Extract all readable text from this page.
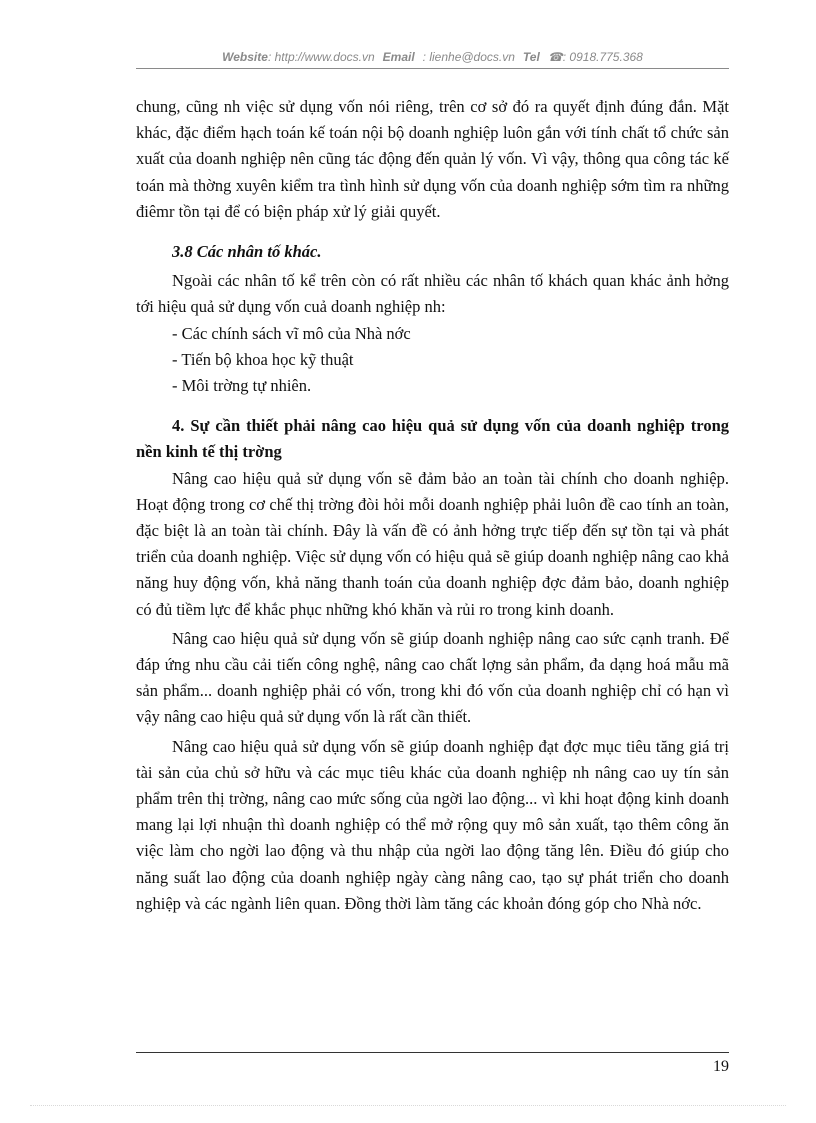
Website: http://www.docs.vn Email : lienhe@docs.vn Tel ☎: 0918.775.368

chung, cũng nh việc sử dụng vốn nói riêng, trên cơ sở đó ra quyết định đúng đắn. Mặt khác, đặc điểm hạch toán kế toán nội bộ doanh nghiệp luôn gắn với tính chất tổ chức sản xuất của doanh nghiệp nên cũng tác động đến quản lý vốn. Vì vậy, thông qua công tác kế toán mà thờng xuyên kiểm tra tình hình sử dụng vốn của doanh nghiệp sớm tìm ra những điêmr tồn tại để có biện pháp xử lý giải quyết.

3.8 Các nhân tố khác.

Ngoài các nhân tố kể trên còn có rất nhiều các nhân tố khách quan khác ảnh hởng tới hiệu quả sử dụng vốn cuả doanh nghiệp nh:

- Các chính sách vĩ mô của Nhà nớc

- Tiến bộ khoa học kỹ thuật

- Môi trờng tự nhiên.

4. Sự cần thiết phải nâng cao hiệu quả sử dụng vốn của doanh nghiệp trong nền kinh tế thị trờng

Nâng cao hiệu quả sử dụng vốn sẽ đảm bảo an toàn tài chính cho doanh nghiệp. Hoạt động trong cơ chế thị trờng đòi hỏi mỗi doanh nghiệp phải luôn đề cao tính an toàn, đặc biệt là an toàn tài chính. Đây là vấn đề có ảnh hởng trực tiếp đến sự tồn tại và phát triển của doanh nghiệp. Việc sử dụng vốn có hiệu quả sẽ giúp doanh nghiệp nâng cao khả năng huy động vốn, khả năng thanh toán của doanh nghiệp đợc đảm bảo, doanh nghiệp có đủ tiềm lực để khắc phục những khó khăn và rủi ro trong kinh doanh.

Nâng cao hiệu quả sử dụng vốn sẽ giúp doanh nghiệp nâng cao sức cạnh tranh. Để đáp ứng nhu cầu cải tiến công nghệ, nâng cao chất lợng sản phẩm, đa dạng hoá mẫu mã sản phẩm... doanh nghiệp phải có vốn, trong khi đó vốn của doanh nghiệp chỉ có hạn vì vậy nâng cao hiệu quả sử dụng vốn là rất cần thiết.

Nâng cao hiệu quả sử dụng vốn sẽ giúp doanh nghiệp đạt đợc mục tiêu tăng giá trị tài sản của chủ sở hữu và các mục tiêu khác của doanh nghiệp nh nâng cao uy tín sản phẩm trên thị trờng, nâng cao mức sống của ngời lao động... vì khi hoạt động kinh doanh mang lại lợi nhuận thì doanh nghiệp có thể mở rộng quy mô sản xuất, tạo thêm công ăn việc làm cho ngời lao động và thu nhập của ngời lao động tăng lên. Điều đó giúp cho năng suất lao động của doanh nghiệp ngày càng nâng cao, tạo sự phát triển cho doanh nghiệp và các ngành liên quan. Đồng thời làm tăng các khoản đóng góp cho Nhà nớc.

19
